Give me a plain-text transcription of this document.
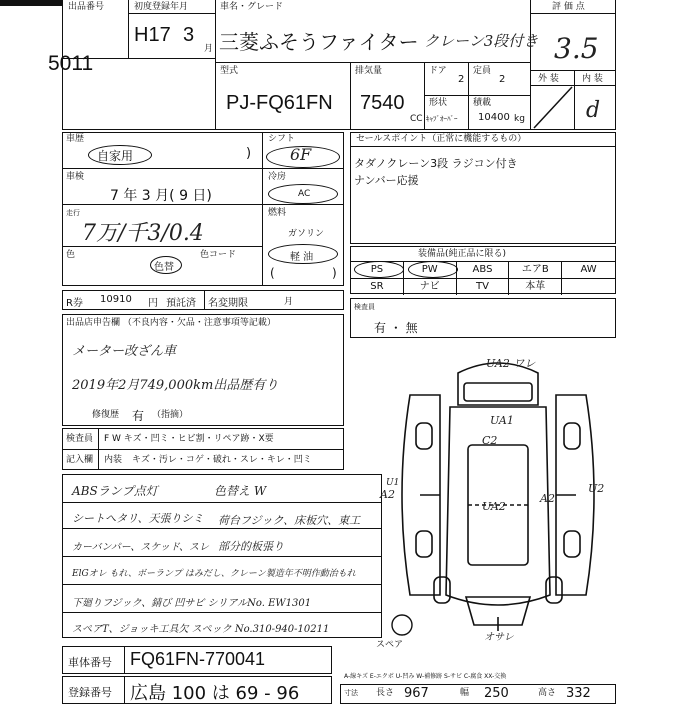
出品番号
5011
初度登録年月
H17 3
月
車名・グレード
三菱ふそうファイター クレーン3段付き
評 価 点
3.5
外 装	内 装
d
型式
PJ-FQ61FN
排気量
7540
CC
ドア
2
定員
2
形状
ｷｬﾌﾞｵｰﾊﾞｰ
積載
10400 kg
車歴
自家用	)
車検
7 年 3 月( 9 日)
走行
7万/千3/0.4
色
色替
色コード
シフト
6F
冷房
AC
燃料
ガソリン
軽 油
(	)
セールスポイント（正常に機能するもの）
タダノクレーン3段 ラジコン付き
ナンバー応援
装備品(純正品に限る)
PS	PW	ABS	エアB	AW
SR	ナビ	TV	本革
R券 10910 円 預託済 名変期限	月	検査員
有 ・ 無
出品店申告欄 （不良内容・欠品・注意事項等記載）
メーター改ざん車
2019年2月749,000km出品歴有り
修復歴 有 （指摘）
検査員 F W キズ・凹ミ・ヒビ割・リペア跡・X要
記入欄 内装 キズ・汚レ・コゲ・破れ・スレ・キレ・凹ミ
ABSランプ点灯	色替え W
シートへタリ、天張りシミ 荷台フジック、床板穴、東工
カーバンパー、スケッド、スレ 部分的板張り
ElGオレ もれ、ボーランプ はみだし、クレーン製造年不明作動治もれ
下廻りフジック、錆び 凹サビ シリアルNo. EW1301
スペアT、ジョッキ工具欠 スペック No.310-940-10211
UA2 ワレ
UA1
C2
A2
U1
UA2
A2
U2
オサレ
スペア
車体番号 FQ61FN-770041
登録番号 広島 100 は 69 - 96
A-線キズ E-エクボ U-凹み W-補修跡 S-サビ C-腐食 XX-交換
寸法 長さ 967	幅 250	高さ 332
